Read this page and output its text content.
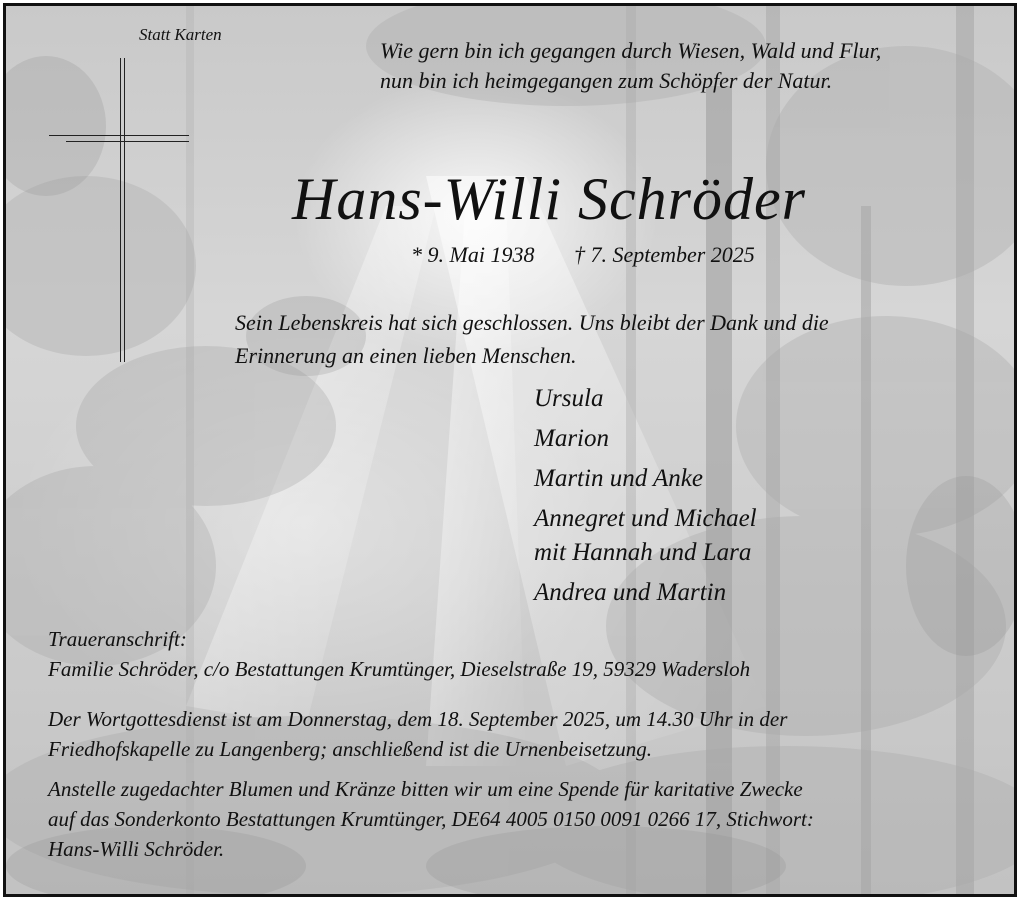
Statt Karten
Wie gern bin ich gegangen durch Wiesen, Wald und Flur,
nun bin ich heimgegangen zum Schöpfer der Natur.
Hans-Willi Schröder
* 9. Mai 1938 † 7. September 2025
Sein Lebenskreis hat sich geschlossen. Uns bleibt der Dank und die
Erinnerung an einen lieben Menschen.
Ursula
Marion
Martin und Anke
Annegret und Michael
mit Hannah und Lara
Andrea und Martin
Traueranschrift:
Familie Schröder, c/o Bestattungen Krumtünger, Dieselstraße 19, 59329 Wadersloh
Der Wortgottesdienst ist am Donnerstag, dem 18. September 2025, um 14.30 Uhr in der
Friedhofskapelle zu Langenberg; anschließend ist die Urnenbeisetzung.
Anstelle zugedachter Blumen und Kränze bitten wir um eine Spende für karitative Zwecke
auf das Sonderkonto Bestattungen Krumtünger, DE64 4005 0150 0091 0266 17, Stichwort:
Hans-Willi Schröder.
